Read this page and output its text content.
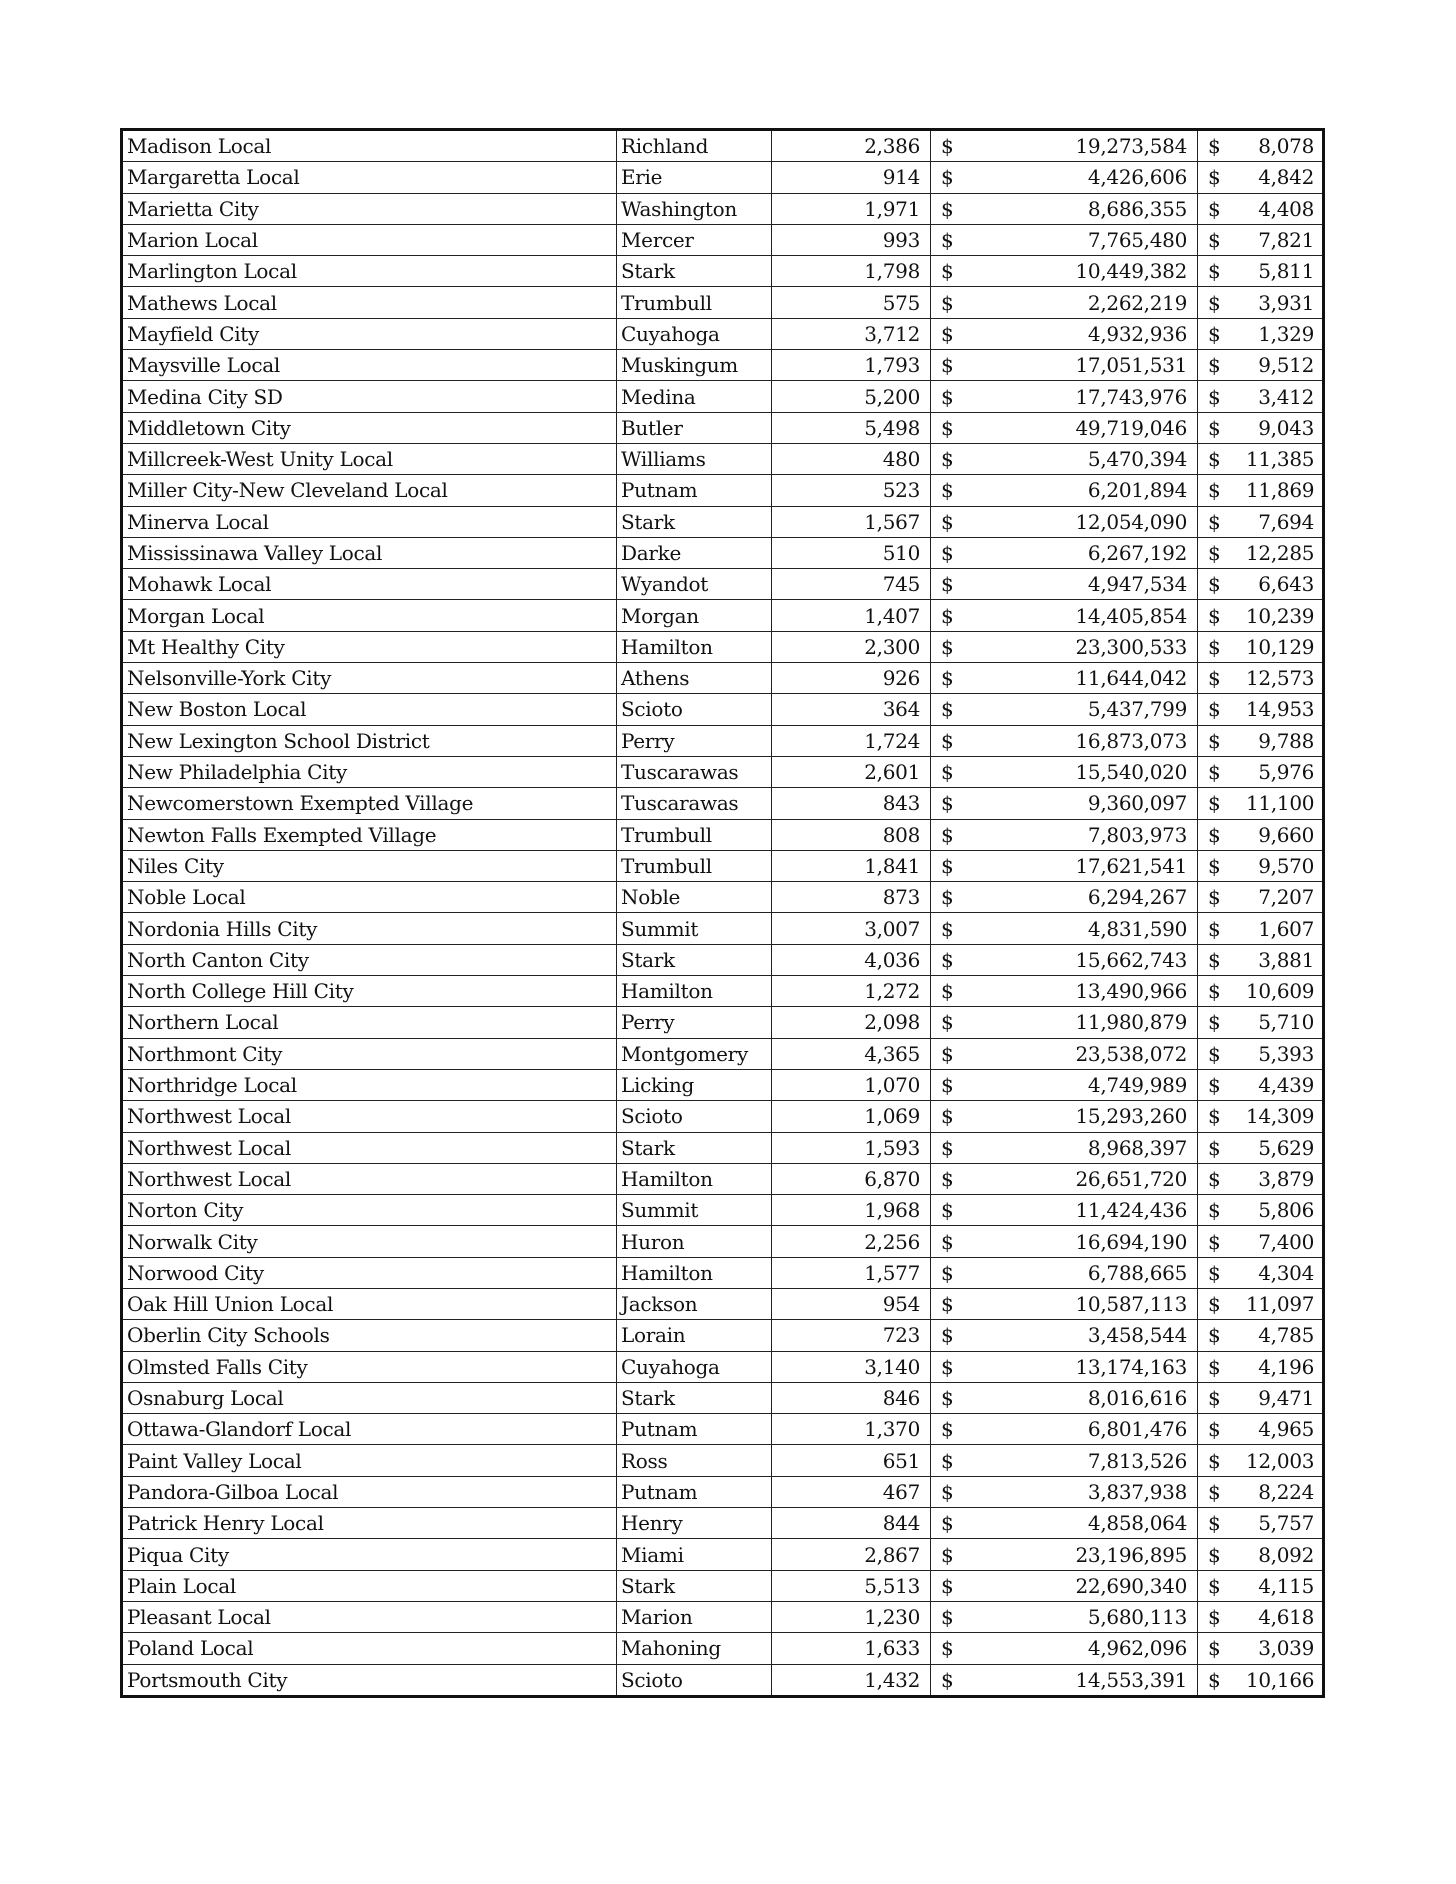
Madison Local	Richland	2,386	$	19,273,584	$	8,078
Margaretta Local	Erie	914	$	4,426,606	$	4,842
Marietta City	Washington	1,971	$	8,686,355	$	4,408
Marion Local	Mercer	993	$	7,765,480	$	7,821
Marlington Local	Stark	1,798	$	10,449,382	$	5,811
Mathews Local	Trumbull	575	$	2,262,219	$	3,931
Mayfield City	Cuyahoga	3,712	$	4,932,936	$	1,329
Maysville Local	Muskingum	1,793	$	17,051,531	$	9,512
Medina City SD	Medina	5,200	$	17,743,976	$	3,412
Middletown City	Butler	5,498	$	49,719,046	$	9,043
Millcreek-West Unity Local	Williams	480	$	5,470,394	$	11,385
Miller City-New Cleveland Local	Putnam	523	$	6,201,894	$	11,869
Minerva Local	Stark	1,567	$	12,054,090	$	7,694
Mississinawa Valley Local	Darke	510	$	6,267,192	$	12,285
Mohawk Local	Wyandot	745	$	4,947,534	$	6,643
Morgan Local	Morgan	1,407	$	14,405,854	$	10,239
Mt Healthy City	Hamilton	2,300	$	23,300,533	$	10,129
Nelsonville-York City	Athens	926	$	11,644,042	$	12,573
New Boston Local	Scioto	364	$	5,437,799	$	14,953
New Lexington School District	Perry	1,724	$	16,873,073	$	9,788
New Philadelphia City	Tuscarawas	2,601	$	15,540,020	$	5,976
Newcomerstown Exempted Village	Tuscarawas	843	$	9,360,097	$	11,100
Newton Falls Exempted Village	Trumbull	808	$	7,803,973	$	9,660
Niles City	Trumbull	1,841	$	17,621,541	$	9,570
Noble Local	Noble	873	$	6,294,267	$	7,207
Nordonia Hills City	Summit	3,007	$	4,831,590	$	1,607
North Canton City	Stark	4,036	$	15,662,743	$	3,881
North College Hill City	Hamilton	1,272	$	13,490,966	$	10,609
Northern Local	Perry	2,098	$	11,980,879	$	5,710
Northmont City	Montgomery	4,365	$	23,538,072	$	5,393
Northridge Local	Licking	1,070	$	4,749,989	$	4,439
Northwest Local	Scioto	1,069	$	15,293,260	$	14,309
Northwest Local	Stark	1,593	$	8,968,397	$	5,629
Northwest Local	Hamilton	6,870	$	26,651,720	$	3,879
Norton City	Summit	1,968	$	11,424,436	$	5,806
Norwalk City	Huron	2,256	$	16,694,190	$	7,400
Norwood City	Hamilton	1,577	$	6,788,665	$	4,304
Oak Hill Union Local	Jackson	954	$	10,587,113	$	11,097
Oberlin City Schools	Lorain	723	$	3,458,544	$	4,785
Olmsted Falls City	Cuyahoga	3,140	$	13,174,163	$	4,196
Osnaburg Local	Stark	846	$	8,016,616	$	9,471
Ottawa-Glandorf Local	Putnam	1,370	$	6,801,476	$	4,965
Paint Valley Local	Ross	651	$	7,813,526	$	12,003
Pandora-Gilboa Local	Putnam	467	$	3,837,938	$	8,224
Patrick Henry Local	Henry	844	$	4,858,064	$	5,757
Piqua City	Miami	2,867	$	23,196,895	$	8,092
Plain Local	Stark	5,513	$	22,690,340	$	4,115
Pleasant Local	Marion	1,230	$	5,680,113	$	4,618
Poland Local	Mahoning	1,633	$	4,962,096	$	3,039
Portsmouth City	Scioto	1,432	$	14,553,391	$	10,166
